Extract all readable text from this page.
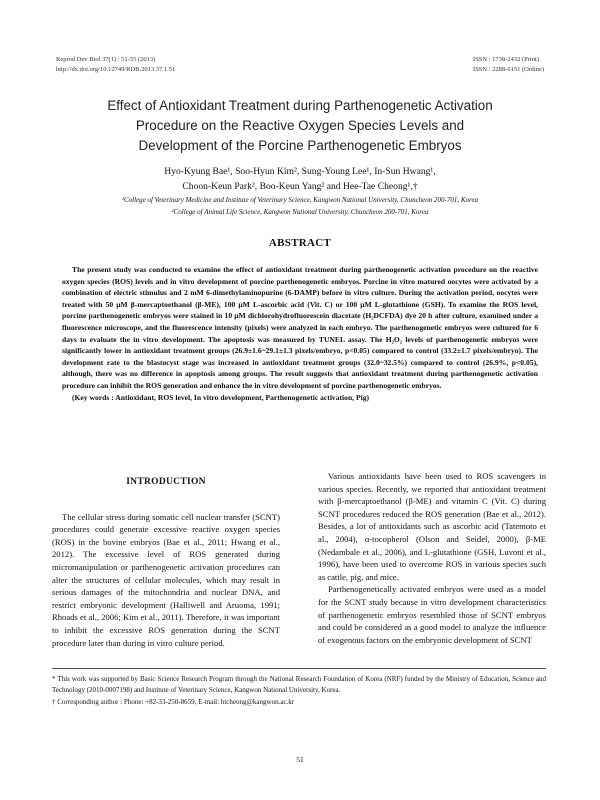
Reprod Dev Biol 37(1) : 51-55 (2013)
http://dx.doi.org/10.12749/RDB.2013.37.1.51
ISSN : 1738-2432 (Print)
ISSN : 2288-0151 (Online)
Effect of Antioxidant Treatment during Parthenogenetic Activation
Procedure on the Reactive Oxygen Species Levels and
Development of the Porcine Parthenogenetic Embryos
Hyo-Kyung Bae¹, Soo-Hyun Kim², Sung-Young Lee¹, In-Sun Hwang¹,
Choon-Keun Park², Boo-Keun Yang² and Hee-Tae Cheong¹,†
¹College of Veterinary Medicine and Institute of Veterinary Science, Kangwon National University, Chuncheon 200-701, Korea
²College of Animal Life Science, Kangwon National University, Chuncheon 200-701, Korea
ABSTRACT

The present study was conducted to examine the effect of antioxidant treatment during parthenogenetic activation procedure on the reactive oxygen species (ROS) levels and in vitro development of porcine parthenogenetic embryos. Porcine in vitro matured oocytes were activated by a combination of electric stimulus and 2 mM 6-dimethylaminopurine (6-DAMP) before in vitro culture. During the activation period, oocytes were treated with 50 μM β-mercaptoethanol (β-ME), 100 μM L-ascorbic acid (Vit. C) or 100 μM L-glutathione (GSH). To examine the ROS level, porcine parthenogenetic embryos were stained in 10 μM dichlorohydrofluorescein diacetate (H₂DCFDA) dye 20 h after culture, examined under a fluorescence microscope, and the fluorescence intensity (pixels) were analyzed in each embryo. The parthenogenetic embryos were cultured for 6 days to evaluate the in vitro development. The apoptosis was measured by TUNEL assay. The H₂O₂ levels of parthenogenetic embryos were significantly lower in antioxidant treatment groups (26.9±1.6~29.1±1.3 pixels/embryo, p<0.05) compared to control (33.2±1.7 pixels/embryo). The development rate to the blastocyst stage was increased in antioxidant treatment groups (32.0~32.5%) compared to control (26.9%, p<0.05), although, there was no difference in apoptosis among groups. The result suggests that antioxidant treatment during parthenogenetic activation procedure can inhibit the ROS generation and enhance the in vitro development of porcine parthenogenetic embryos.

(Key words : Antioxidant, ROS level, In vitro development, Parthenogenetic activation, Pig)

INTRODUCTION

The cellular stress during somatic cell nuclear transfer (SCNT) procedures could generate excessive reactive oxygen species (ROS) in the bovine embryos (Bae et al., 2011; Hwang et al., 2012). The excessive level of ROS generated during micromanipulation or parthenogenetic activation procedures can alter the structures of cellular molecules, which may result in serious damages of the mitochondria and nuclear DNA, and restrict embryonic development (Halliwell and Aruoma, 1991; Rhoads et al., 2006; Kim et al., 2011). Therefore, it was important to inhibit the excessive ROS generation during the SCNT procedure later than during in vitro culture period.

Various antioxidants have been used to ROS scavengers in various species. Recently, we reported that antioxidant treatment with β-mercaptoethanol (β-ME) and vitamin C (Vit. C) during SCNT procedures reduced the ROS generation (Bae et al., 2012). Besides, a lot of antioxidants such as ascorbic acid (Tatemoto et al., 2004), α-tocopherol (Olson and Seidel, 2000), β-ME (Nedambale et al., 2006), and L-glutathione (GSH, Luvoni et al., 1996), have been used to overcome ROS in various species such as cattle, pig, and mice.

Parthenogenetically activated embryos were used as a model for the SCNT study because in vitro development characteristics of parthenogenetic embryos resembled those of SCNT embryos and could be considered as a good model to analyze the influence of exogenous factors on the embryonic development of SCNT

* This work was supported by Basic Science Research Program through the National Research Foundation of Korea (NRF) funded by the Ministry of Education, Science and Technology (2010-0007198) and Institute of Veterinary Science, Kangwon National University, Korea.

† Corresponding author : Phone: +82-33-250-8659, E-mail: htcheong@kangwon.ac.kr

51
